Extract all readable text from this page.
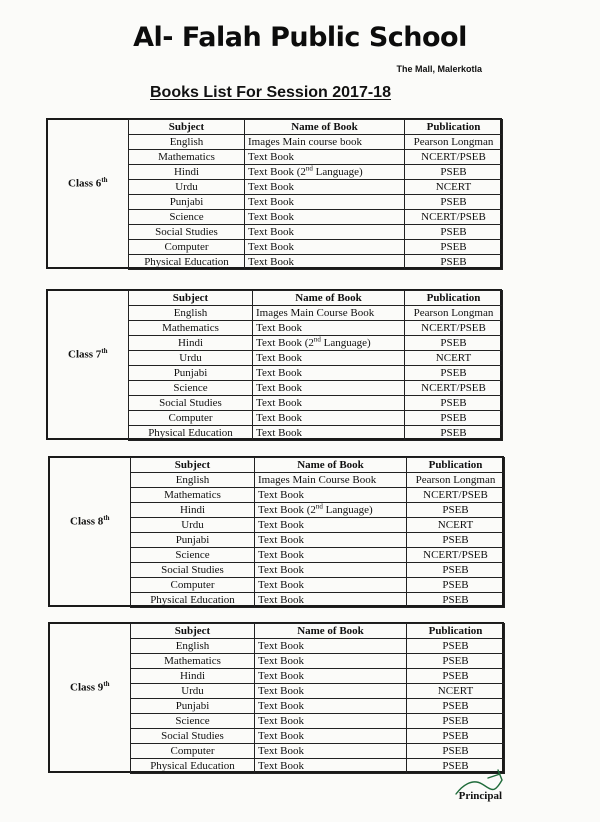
Al- Falah Public School
The Mall, Malerkotla
Books List For Session 2017-18
Class 6th
Subject	Name of Book	Publication
English	Images Main course book	Pearson Longman
Mathematics	Text Book	NCERT/PSEB
Hindi	Text Book (2nd Language)	PSEB
Urdu	Text Book	NCERT
Punjabi	Text Book	PSEB
Science	Text Book	NCERT/PSEB
Social Studies	Text Book	PSEB
Computer	Text Book	PSEB
Physical Education	Text Book	PSEB
Class 7th
Subject	Name of Book	Publication
English	Images Main Course Book	Pearson Longman
Mathematics	Text Book	NCERT/PSEB
Hindi	Text Book (2nd Language)	PSEB
Urdu	Text Book	NCERT
Punjabi	Text Book	PSEB
Science	Text Book	NCERT/PSEB
Social Studies	Text Book	PSEB
Computer	Text Book	PSEB
Physical Education	Text Book	PSEB
Class 8th
Subject	Name of Book	Publication
English	Images Main Course Book	Pearson Longman
Mathematics	Text Book	NCERT/PSEB
Hindi	Text Book (2nd Language)	PSEB
Urdu	Text Book	NCERT
Punjabi	Text Book	PSEB
Science	Text Book	NCERT/PSEB
Social Studies	Text Book	PSEB
Computer	Text Book	PSEB
Physical Education	Text Book	PSEB
Class 9th
Subject	Name of Book	Publication
English	Text Book	PSEB
Mathematics	Text Book	PSEB
Hindi	Text Book	PSEB
Urdu	Text Book	NCERT
Punjabi	Text Book	PSEB
Science	Text Book	PSEB
Social Studies	Text Book	PSEB
Computer	Text Book	PSEB
Physical Education	Text Book	PSEB
Principal
